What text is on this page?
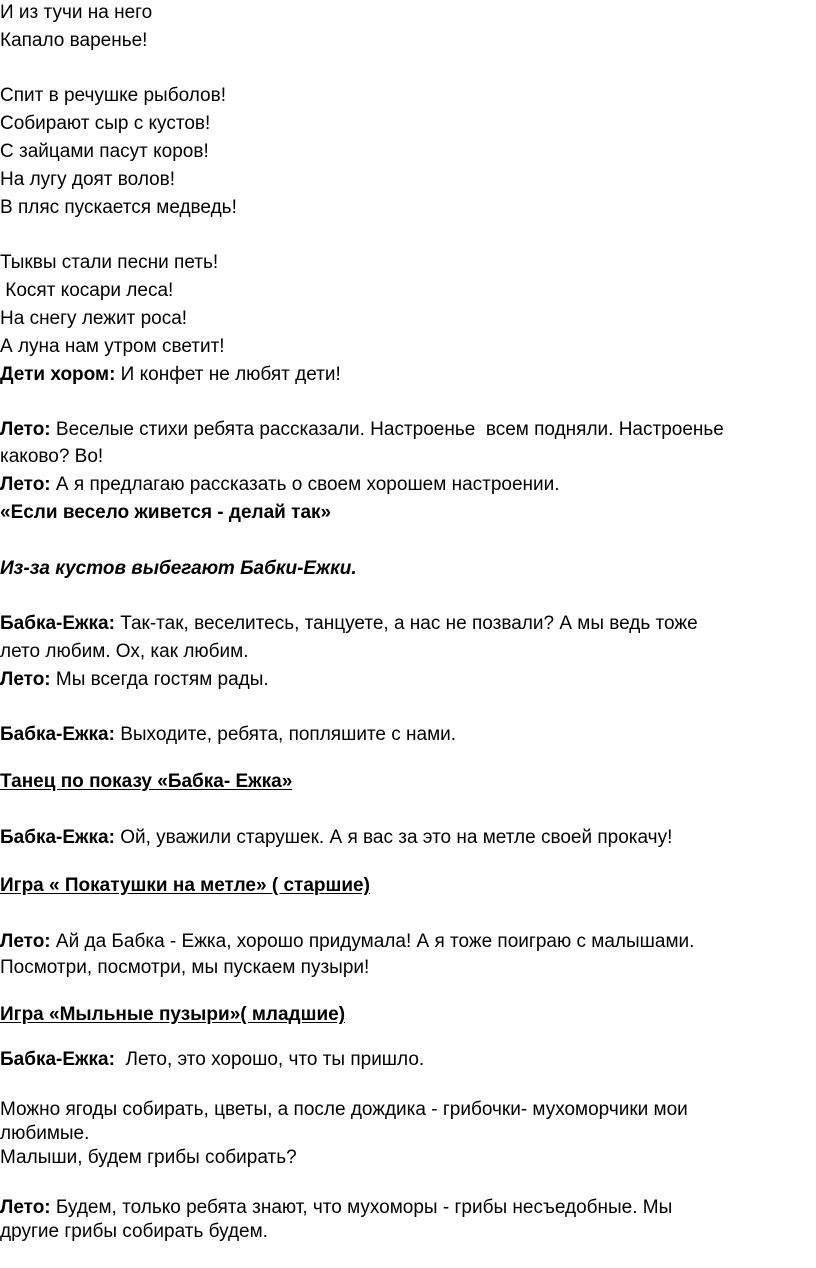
И из тучи на него
Капало варенье!
Спит в речушке рыболов!
Собирают сыр с кустов!
С зайцами пасут коров!
На лугу доят волов!
В пляс пускается медведь!
Тыквы стали песни петь!
Косят косари леса!
На снегу лежит роса!
А луна нам утром светит!
Дети хором: И конфет не любят дети!
Лето: Веселые стихи ребята рассказали. Настроенье  всем подняли. Настроенье
каково? Во!
Лето: А я предлагаю рассказать о своем хорошем настроении.
«Если весело живется - делай так»
Из-за кустов выбегают Бабки-Ежки.
Бабка-Ежка: Так-так, веселитесь, танцуете, а нас не позвали? А мы ведь тоже
лето любим. Ох, как любим.
Лето: Мы всегда гостям рады.
Бабка-Ежка: Выходите, ребята, попляшите с нами.
Танец по показу «Бабка- Ежка»
Бабка-Ежка: Ой, уважили старушек. А я вас за это на метле своей прокачу!
Игра « Покатушки на метле» ( старшие)
Лето: Ай да Бабка - Ежка, хорошо придумала! А я тоже поиграю с малышами.
Посмотри, посмотри, мы пускаем пузыри!
Игра «Мыльные пузыри»( младшие)
Бабка-Ежка:  Лето, это хорошо, что ты пришло.
Можно ягоды собирать, цветы, а после дождика - грибочки- мухоморчики мои
любимые.
Малыши, будем грибы собирать?
Лето: Будем, только ребята знают, что мухоморы - грибы несъедобные. Мы
другие грибы собирать будем.
